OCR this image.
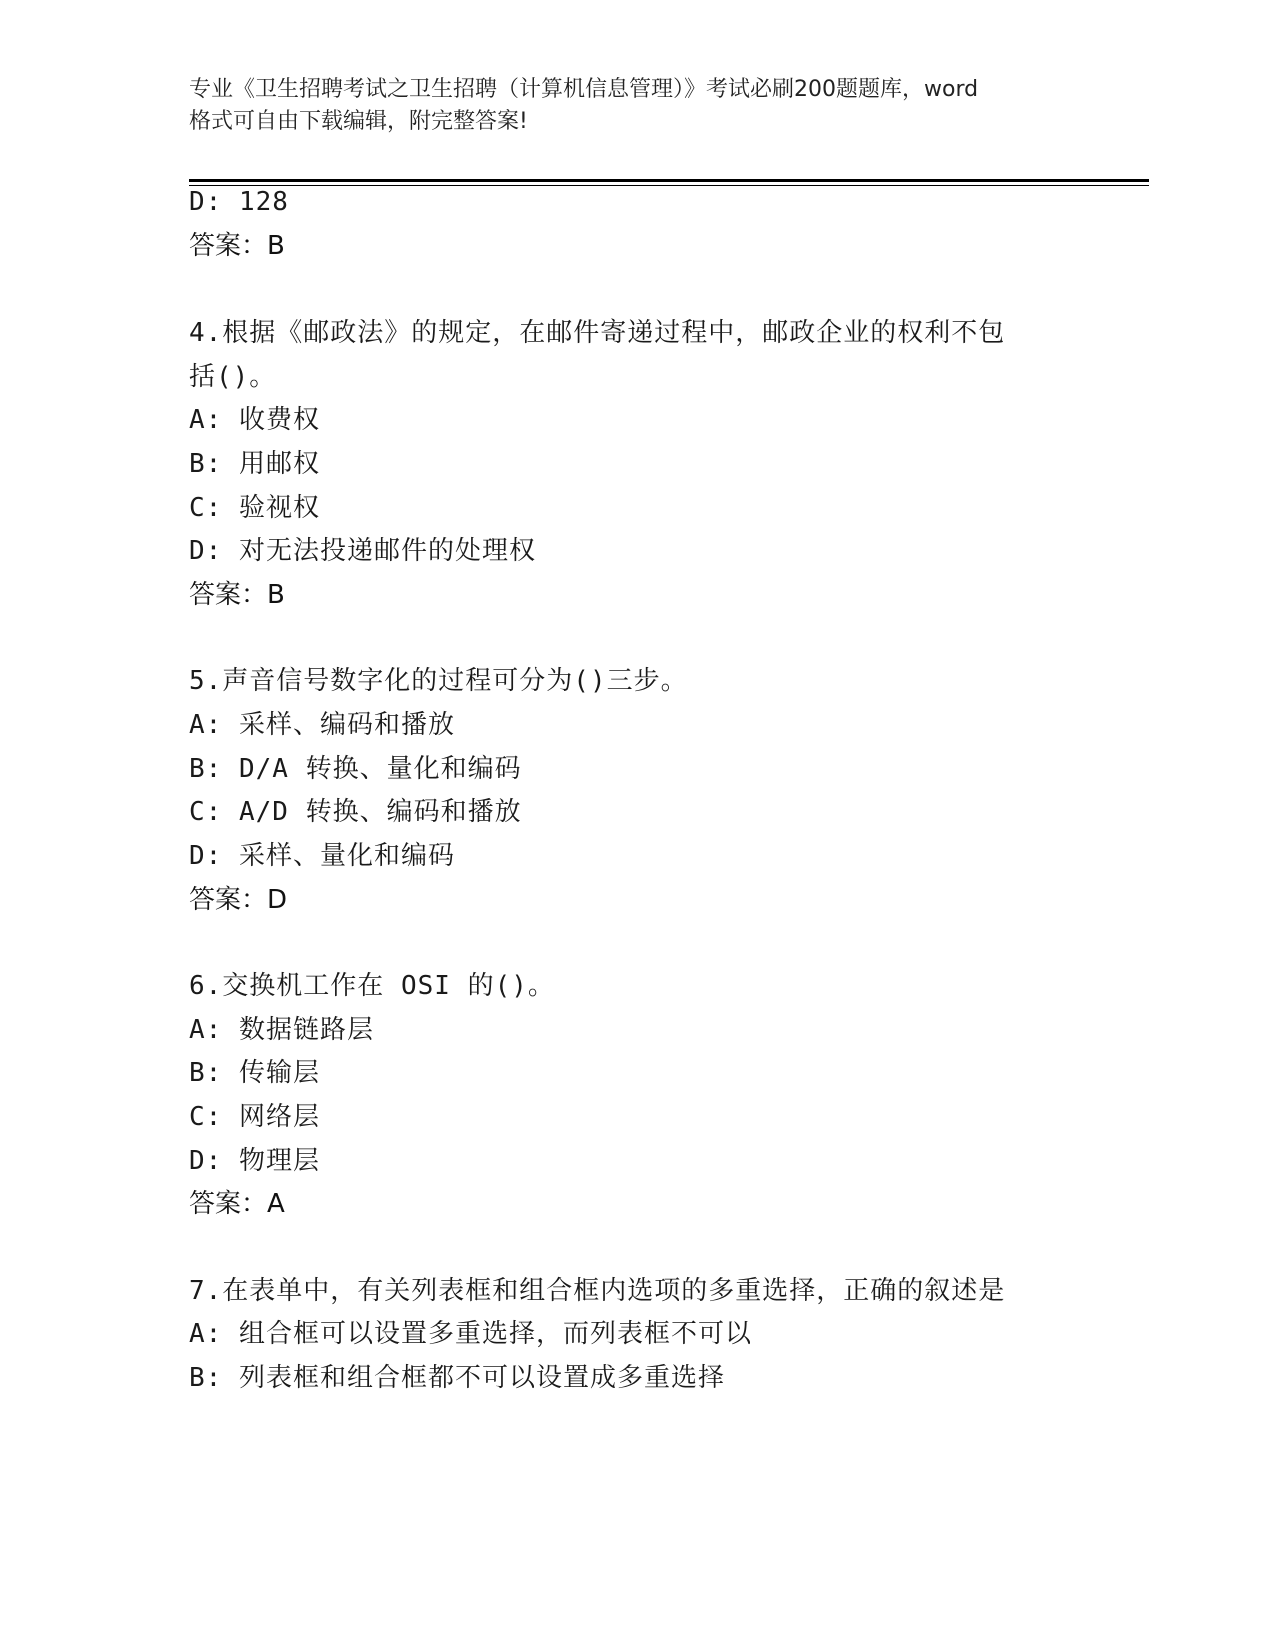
专业《卫生招聘考试之卫生招聘（计算机信息管理）》考试必刷200题题库，word
格式可自由下载编辑，附完整答案!
D: 128
答案：B
4.根据《邮政法》的规定，在邮件寄递过程中，邮政企业的权利不包
括()。
A: 收费权
B: 用邮权
C: 验视权
D: 对无法投递邮件的处理权
答案：B
5.声音信号数字化的过程可分为()三步。
A: 采样、编码和播放
B: D/A 转换、量化和编码
C: A/D 转换、编码和播放
D: 采样、量化和编码
答案：D
6.交换机工作在 OSI 的()。
A: 数据链路层
B: 传输层
C: 网络层
D: 物理层
答案：A
7.在表单中，有关列表框和组合框内选项的多重选择，正确的叙述是
A: 组合框可以设置多重选择，而列表框不可以
B: 列表框和组合框都不可以设置成多重选择
